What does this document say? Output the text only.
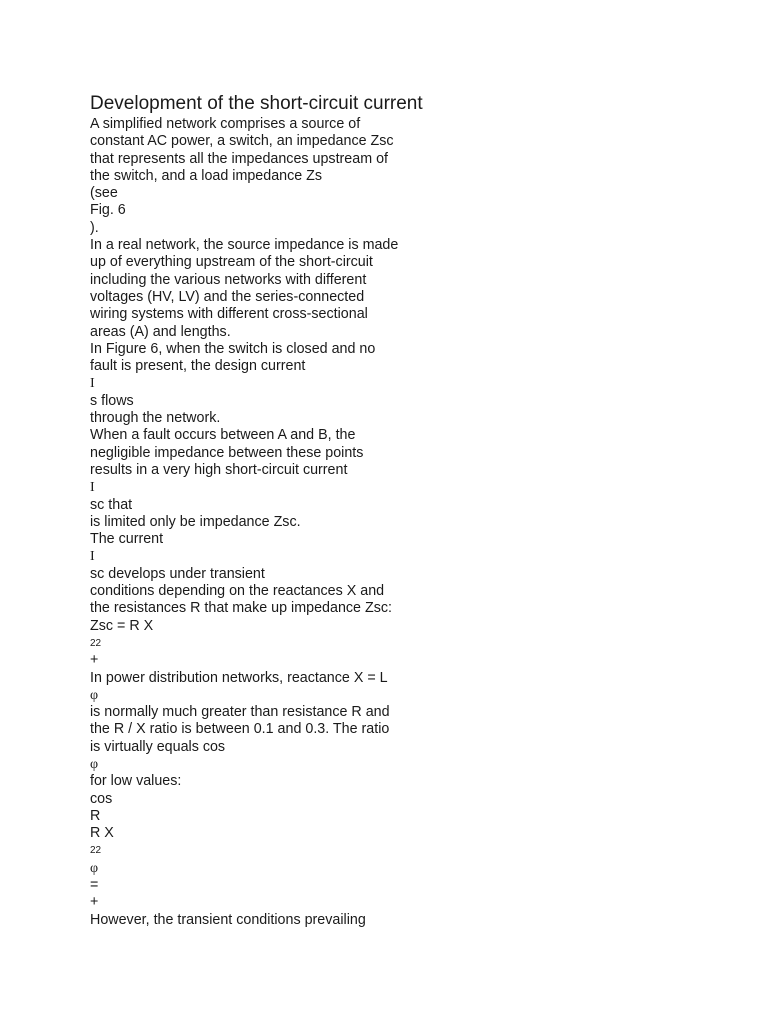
Development of the short-circuit current
A simplified network comprises a source of
constant AC power, a switch, an impedance Zsc
that represents all the impedances upstream of
the switch, and a load impedance Zs
(see
Fig. 6
).
In a real network, the source impedance is made
up of everything upstream of the short-circuit
including the various networks with different
voltages (HV, LV) and the series-connected
wiring systems with different cross-sectional
areas (A) and lengths.
In Figure 6, when the switch is closed and no
fault is present, the design current
I
s flows
through the network.
When a fault occurs between A and B, the
negligible impedance between these points
results in a very high short-circuit current
I
sc that
is limited only be impedance Zsc.
The current
I
sc develops under transient
conditions depending on the reactances X and
the resistances R that make up impedance Zsc:
Zsc = R X
22
+
In power distribution networks, reactance X = L
φ
is normally much greater than resistance R and
the R / X ratio is between 0.1 and 0.3. The ratio
is virtually equals cos
φ
for low values:
cos
R
R X
22
φ
=
+
However, the transient conditions prevailing
